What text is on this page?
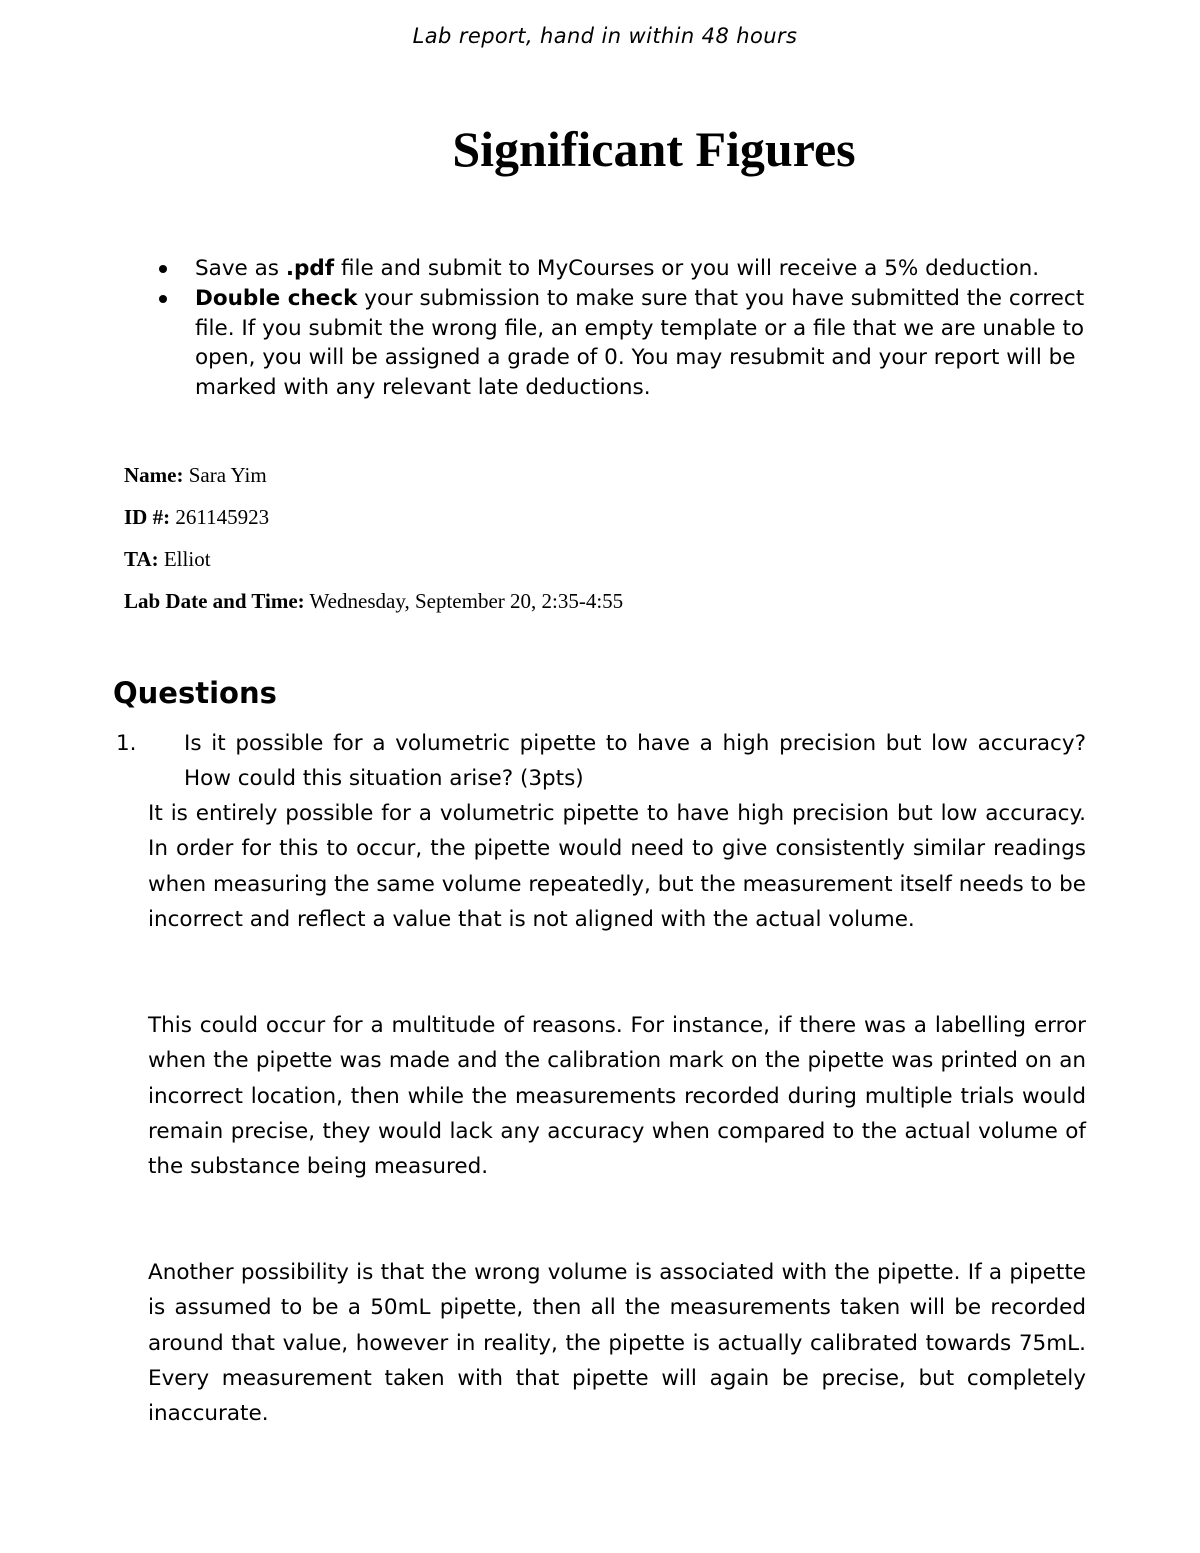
Lab report, hand in within 48 hours
Significant Figures
Save as .pdf file and submit to MyCourses or you will receive a 5% deduction.
Double check your submission to make sure that you have submitted the correct file. If you submit the wrong file, an empty template or a file that we are unable to open, you will be assigned a grade of 0. You may resubmit and your report will be marked with any relevant late deductions.

Name: Sara Yim

ID #: 261145923

TA: Elliot

Lab Date and Time: Wednesday, September 20, 2:35-4:55

Questions
1. Is it possible for a volumetric pipette to have a high precision but low accuracy? How could this situation arise? (3pts)

It is entirely possible for a volumetric pipette to have high precision but low accuracy. In order for this to occur, the pipette would need to give consistently similar readings when measuring the same volume repeatedly, but the measurement itself needs to be incorrect and reflect a value that is not aligned with the actual volume.

This could occur for a multitude of reasons. For instance, if there was a labelling error when the pipette was made and the calibration mark on the pipette was printed on an incorrect location, then while the measurements recorded during multiple trials would remain precise, they would lack any accuracy when compared to the actual volume of the substance being measured.

Another possibility is that the wrong volume is associated with the pipette. If a pipette is assumed to be a 50mL pipette, then all the measurements taken will be recorded around that value, however in reality, the pipette is actually calibrated towards 75mL. Every measurement taken with that pipette will again be precise, but completely inaccurate.
